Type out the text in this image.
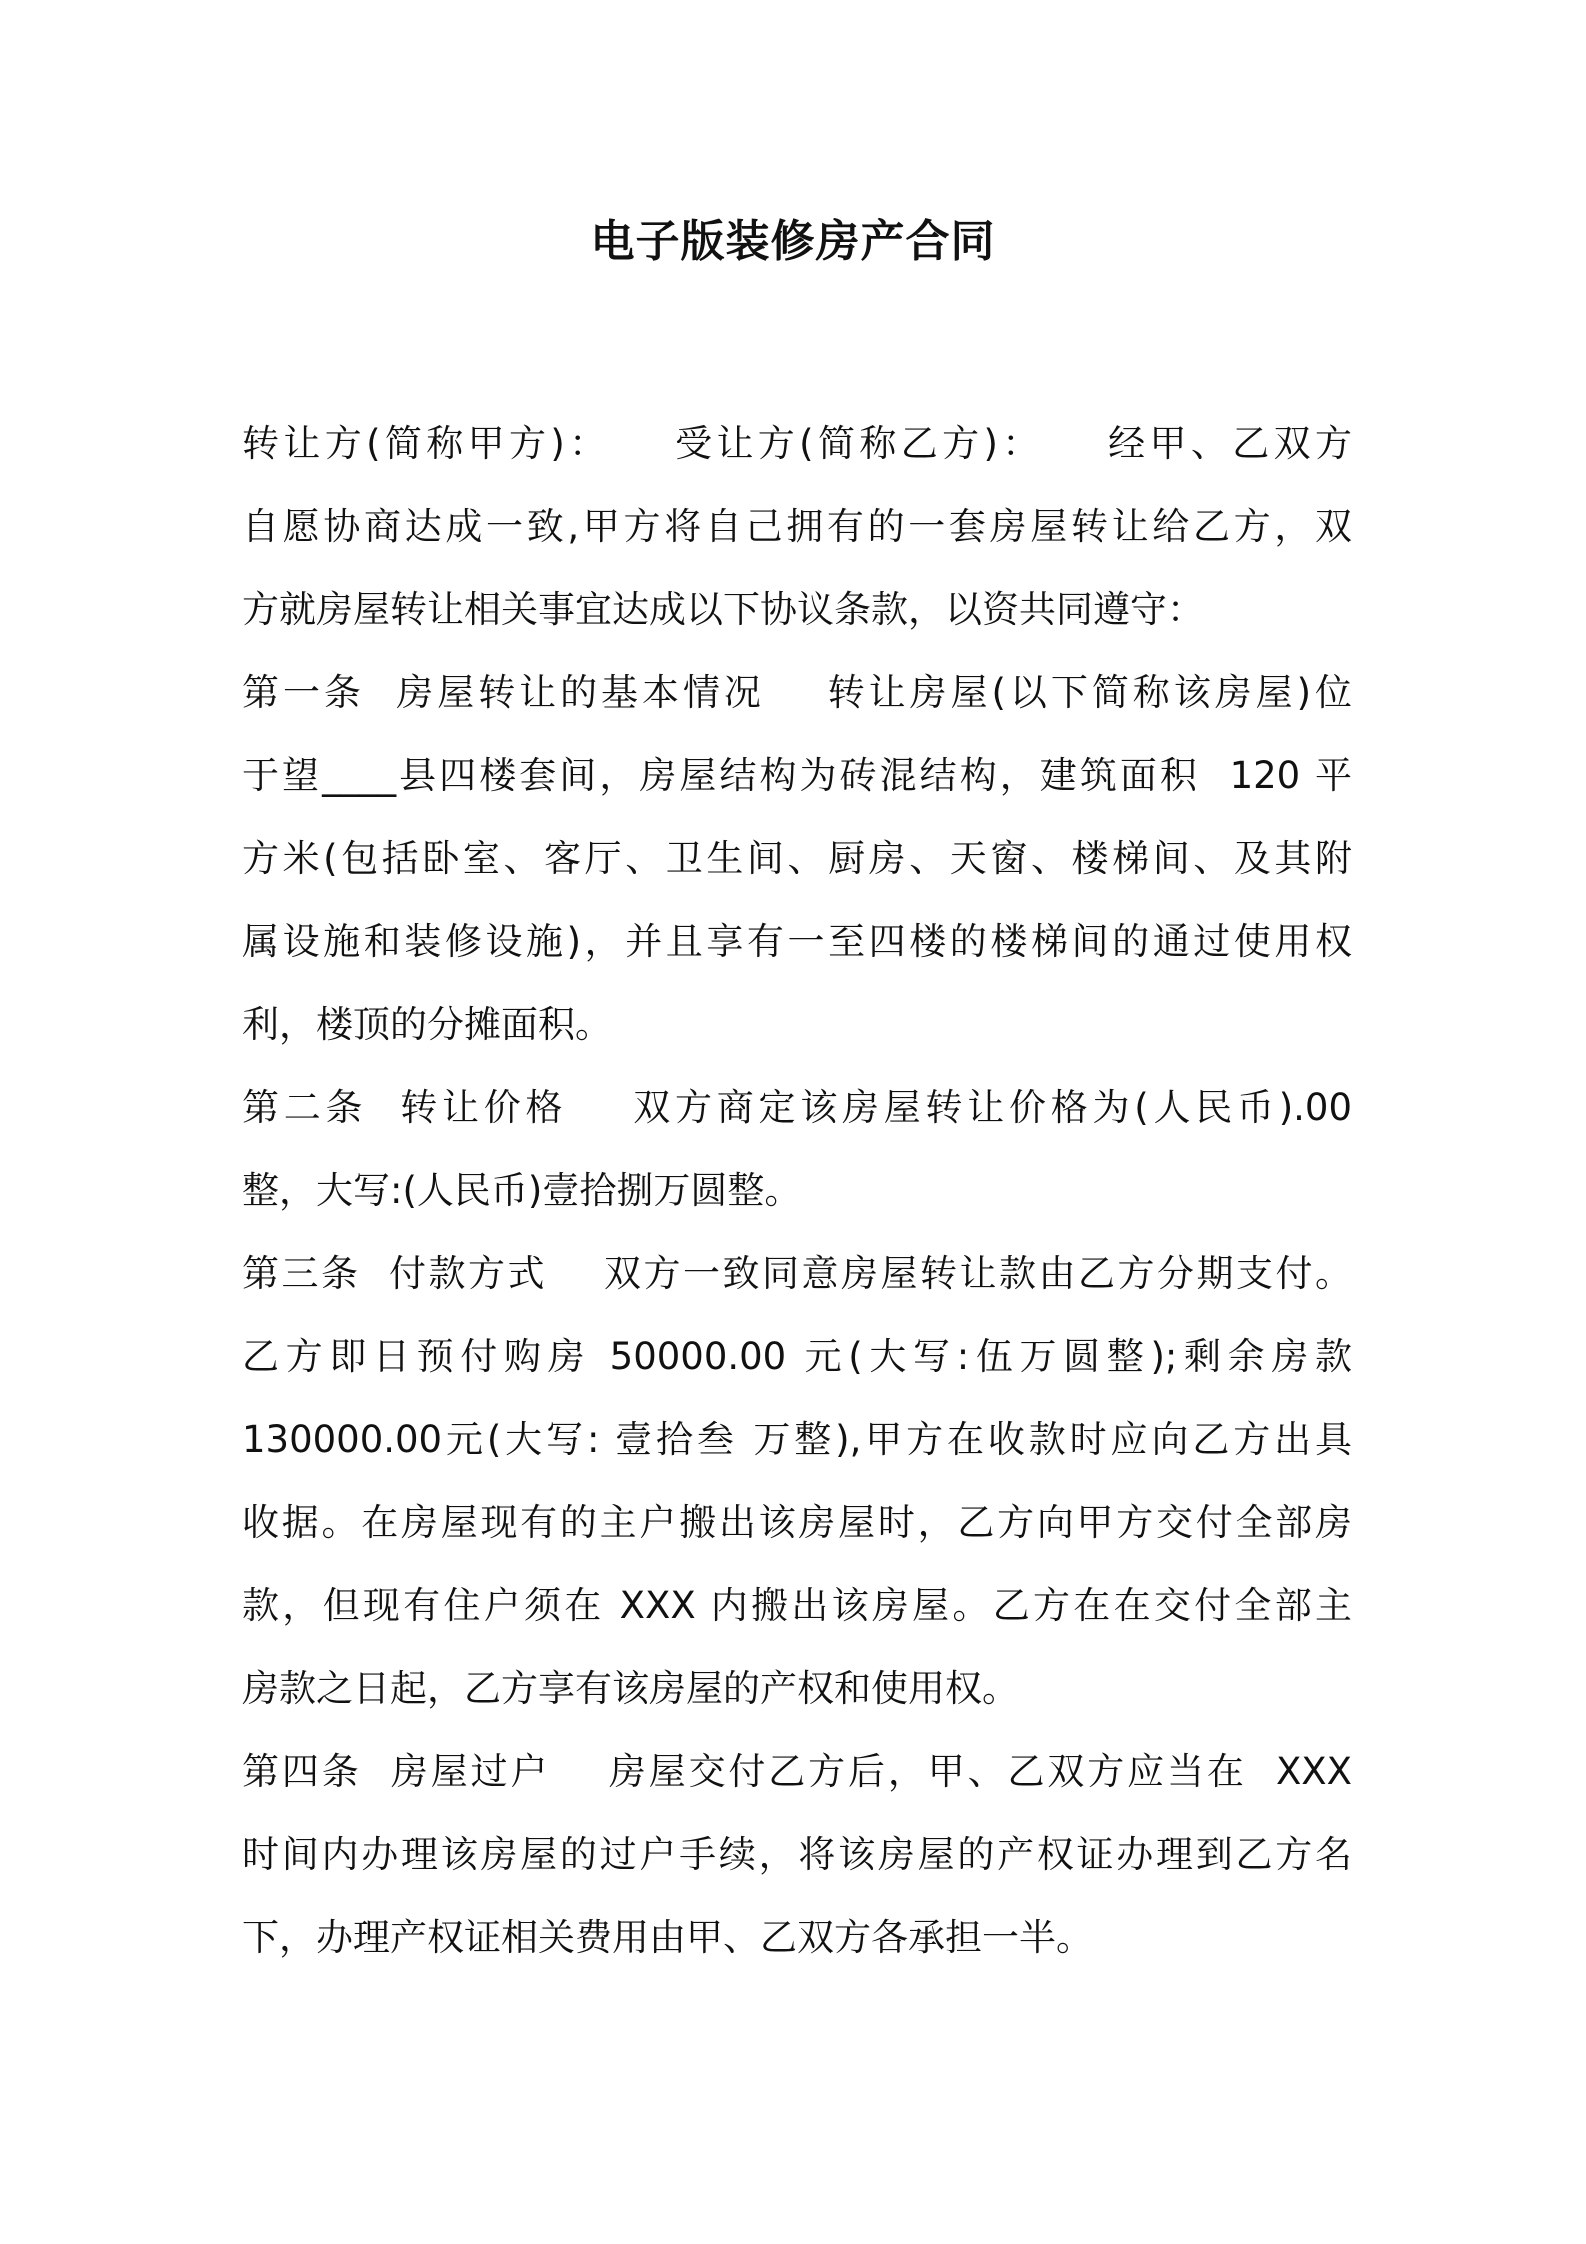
电子版装修房产合同
转让方(简称甲方)：    受让方(简称乙方)：    经甲、乙双方
自愿协商达成一致,甲方将自己拥有的一套房屋转让给乙方，双
方就房屋转让相关事宜达成以下协议条款，以资共同遵守：
第一条  房屋转让的基本情况    转让房屋(以下简称该房屋)位
于望____县四楼套间，房屋结构为砖混结构，建筑面积  120 平
方米(包括卧室、客厅、卫生间、厨房、天窗、楼梯间、及其附
属设施和装修设施)，并且享有一至四楼的楼梯间的通过使用权
利，楼顶的分摊面积。
第二条  转让价格    双方商定该房屋转让价格为(人民币).00
整，大写:(人民币)壹拾捌万圆整。
第三条  付款方式    双方一致同意房屋转让款由乙方分期支付。
乙方即日预付购房 50000.00 元(大写:伍万圆整);剩余房款
130000.00元(大写: 壹拾叁 万整),甲方在收款时应向乙方出具
收据。在房屋现有的主户搬出该房屋时，乙方向甲方交付全部房
款，但现有住户须在 XXX 内搬出该房屋。乙方在在交付全部主
房款之日起，乙方享有该房屋的产权和使用权。
第四条  房屋过户    房屋交付乙方后，甲、乙双方应当在  XXX
时间内办理该房屋的过户手续，将该房屋的产权证办理到乙方名
下，办理产权证相关费用由甲、乙双方各承担一半。
